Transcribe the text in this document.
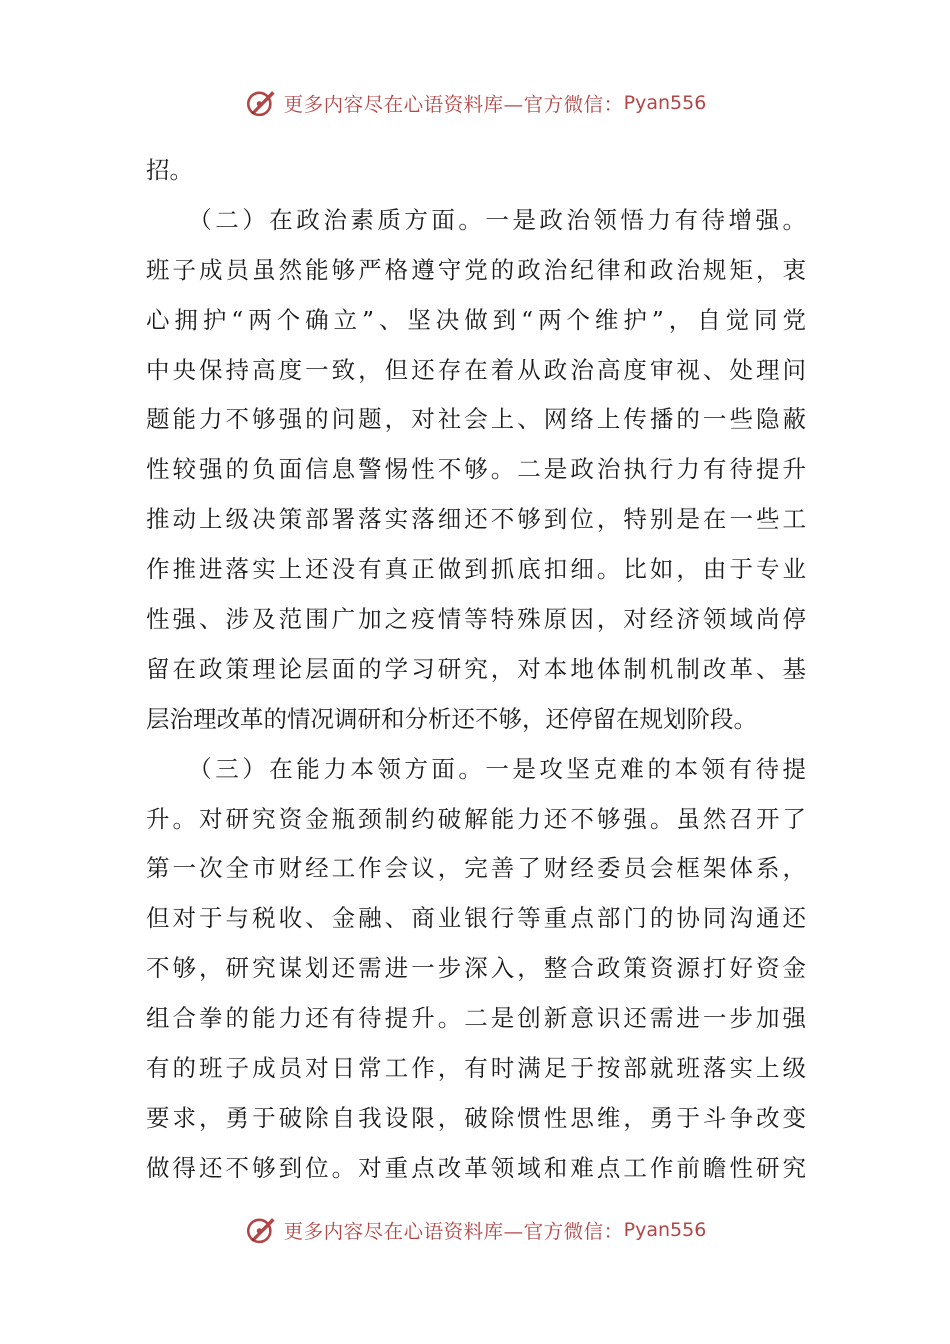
更多内容尽在心语资料库—官方微信： Pyan556
招。
　　（二）在政治素质方面。一是政治领悟力有待增强。
班子成员虽然能够严格遵守党的政治纪律和政治规矩，衷
心拥护“两个确立”、坚决做到“两个维护”，自觉同党
中央保持高度一致，但还存在着从政治高度审视、处理问
题能力不够强的问题，对社会上、网络上传播的一些隐蔽
性较强的负面信息警惕性不够。二是政治执行力有待提升
推动上级决策部署落实落细还不够到位，特别是在一些工
作推进落实上还没有真正做到抓底扣细。比如，由于专业
性强、涉及范围广加之疫情等特殊原因，对经济领域尚停
留在政策理论层面的学习研究，对本地体制机制改革、基
层治理改革的情况调研和分析还不够，还停留在规划阶段。
　　（三）在能力本领方面。一是攻坚克难的本领有待提
升。对研究资金瓶颈制约破解能力还不够强。虽然召开了
第一次全市财经工作会议，完善了财经委员会框架体系，
但对于与税收、金融、商业银行等重点部门的协同沟通还
不够，研究谋划还需进一步深入，整合政策资源打好资金
组合拳的能力还有待提升。二是创新意识还需进一步加强
有的班子成员对日常工作，有时满足于按部就班落实上级
要求，勇于破除自我设限，破除惯性思维，勇于斗争改变
做得还不够到位。对重点改革领域和难点工作前瞻性研究
更多内容尽在心语资料库—官方微信： Pyan556
